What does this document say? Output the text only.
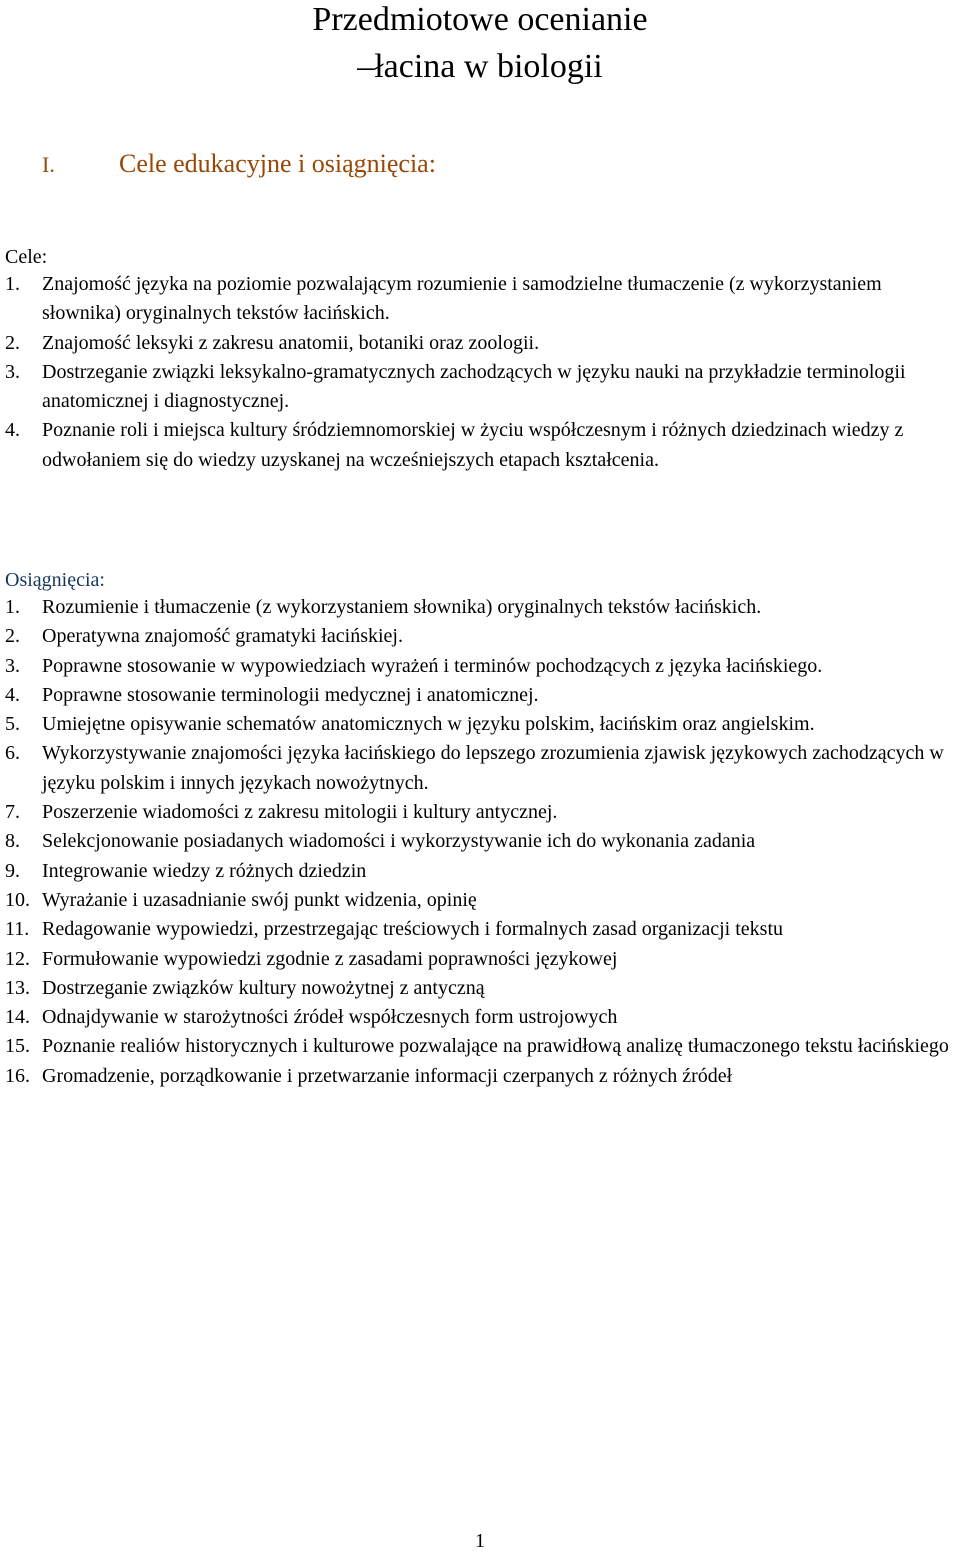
Przedmiotowe ocenianie
–łacina w biologii
I. Cele edukacyjne i osiągnięcia:
Cele:
1. Znajomość języka na poziomie pozwalającym rozumienie i samodzielne tłumaczenie (z wykorzystaniem słownika) oryginalnych tekstów łacińskich.
2. Znajomość leksyki z zakresu anatomii, botaniki oraz zoologii.
3. Dostrzeganie związki leksykalno-gramatycznych zachodzących w języku nauki na przykładzie terminologii anatomicznej i diagnostycznej.
4. Poznanie roli i miejsca kultury śródziemnomorskiej w życiu współczesnym i różnych dziedzinach wiedzy z odwołaniem się do wiedzy uzyskanej na wcześniejszych etapach kształcenia.
Osiągnięcia:
1. Rozumienie i tłumaczenie (z wykorzystaniem słownika) oryginalnych tekstów łacińskich.
2. Operatywna znajomość gramatyki łacińskiej.
3. Poprawne stosowanie w wypowiedziach wyrażeń i terminów pochodzących z języka łacińskiego.
4. Poprawne stosowanie terminologii medycznej i anatomicznej.
5. Umiejętne opisywanie schematów anatomicznych w języku polskim, łacińskim oraz angielskim.
6. Wykorzystywanie znajomości języka łacińskiego do lepszego zrozumienia zjawisk językowych zachodzących w języku polskim i innych językach nowożytnych.
7. Poszerzenie wiadomości z zakresu mitologii i kultury antycznej.
8. Selekcjonowanie posiadanych wiadomości i wykorzystywanie ich do wykonania zadania
9. Integrowanie wiedzy z różnych dziedzin
10. Wyrażanie i uzasadnianie swój punkt widzenia, opinię
11. Redagowanie wypowiedzi, przestrzegając treściowych i formalnych zasad organizacji tekstu
12. Formułowanie wypowiedzi zgodnie z zasadami poprawności językowej
13. Dostrzeganie związków kultury nowożytnej z antyczną
14. Odnajdywanie w starożytności źródeł współczesnych form ustrojowych
15. Poznanie realiów historycznych i kulturowe pozwalające na prawidłową analizę tłumaczonego tekstu łacińskiego
16. Gromadzenie, porządkowanie i przetwarzanie informacji czerpanych z różnych źródeł
1
